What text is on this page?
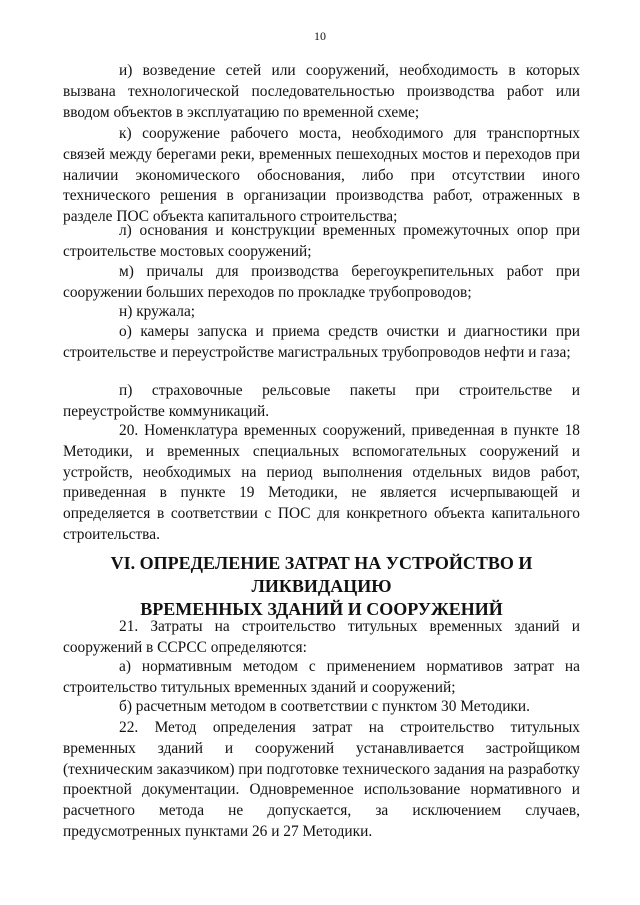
10
и) возведение сетей или сооружений, необходимость в которых вызвана технологической последовательностью производства работ или вводом объектов в эксплуатацию по временной схеме;
к) сооружение рабочего моста, необходимого для транспортных связей между берегами реки, временных пешеходных мостов и переходов при наличии экономического обоснования, либо при отсутствии иного технического решения в организации производства работ, отраженных в разделе ПОС объекта капитального строительства;
л) основания и конструкции временных промежуточных опор при строительстве мостовых сооружений;
м) причалы для производства берегоукрепительных работ при сооружении больших переходов по прокладке трубопроводов;
н) кружала;
о) камеры запуска и приема средств очистки и диагностики при строительстве и переустройстве магистральных трубопроводов нефти и газа;
п) страховочные рельсовые пакеты при строительстве и переустройстве коммуникаций.
20. Номенклатура временных сооружений, приведенная в пункте 18 Методики, и временных специальных вспомогательных сооружений и устройств, необходимых на период выполнения отдельных видов работ, приведенная в пункте 19 Методики, не является исчерпывающей и определяется в соответствии с ПОС для конкретного объекта капитального строительства.
VI. ОПРЕДЕЛЕНИЕ ЗАТРАТ НА УСТРОЙСТВО И ЛИКВИДАЦИЮ
ВРЕМЕННЫХ ЗДАНИЙ И СООРУЖЕНИЙ
21. Затраты на строительство титульных временных зданий и сооружений в ССРСС определяются:
а) нормативным методом с применением нормативов затрат на строительство титульных временных зданий и сооружений;
б) расчетным методом в соответствии с пунктом 30 Методики.
22. Метод определения затрат на строительство титульных временных зданий и сооружений устанавливается застройщиком (техническим заказчиком) при подготовке технического задания на разработку проектной документации. Одновременное использование нормативного и расчетного метода не допускается, за исключением случаев, предусмотренных пунктами 26 и 27 Методики.
